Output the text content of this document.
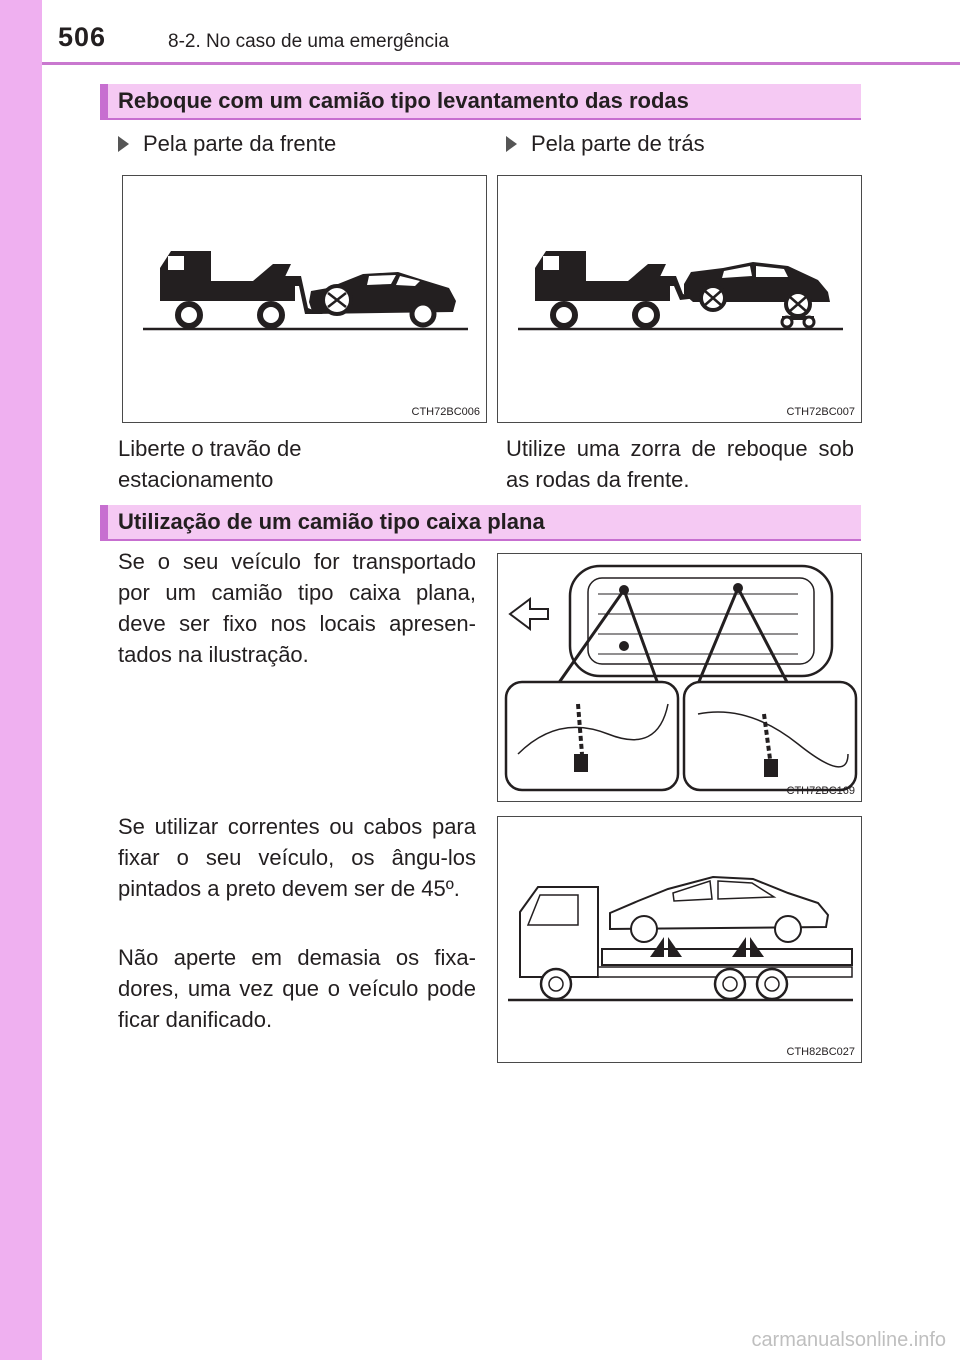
506	8-2. No caso de uma emergência
Reboque com um camião tipo levantamento das rodas
Pela parte da frente	Pela parte de trás
CTH72BC006	CTH72BC007

Liberte o travão de estacionamento

Utilize uma zorra de reboque sob as rodas da frente.

Utilização de um camião tipo caixa plana

Se o seu veículo for transportado por um camião tipo caixa plana, deve ser fixo nos locais apresen-tados na ilustração.

CTH72BC169

Se utilizar correntes ou cabos para fixar o seu veículo, os ângu-los pintados a preto devem ser de 45º.

Não aperte em demasia os fixa-dores, uma vez que o veículo pode ficar danificado.

CTH82BC027
carmanualsonline.info
